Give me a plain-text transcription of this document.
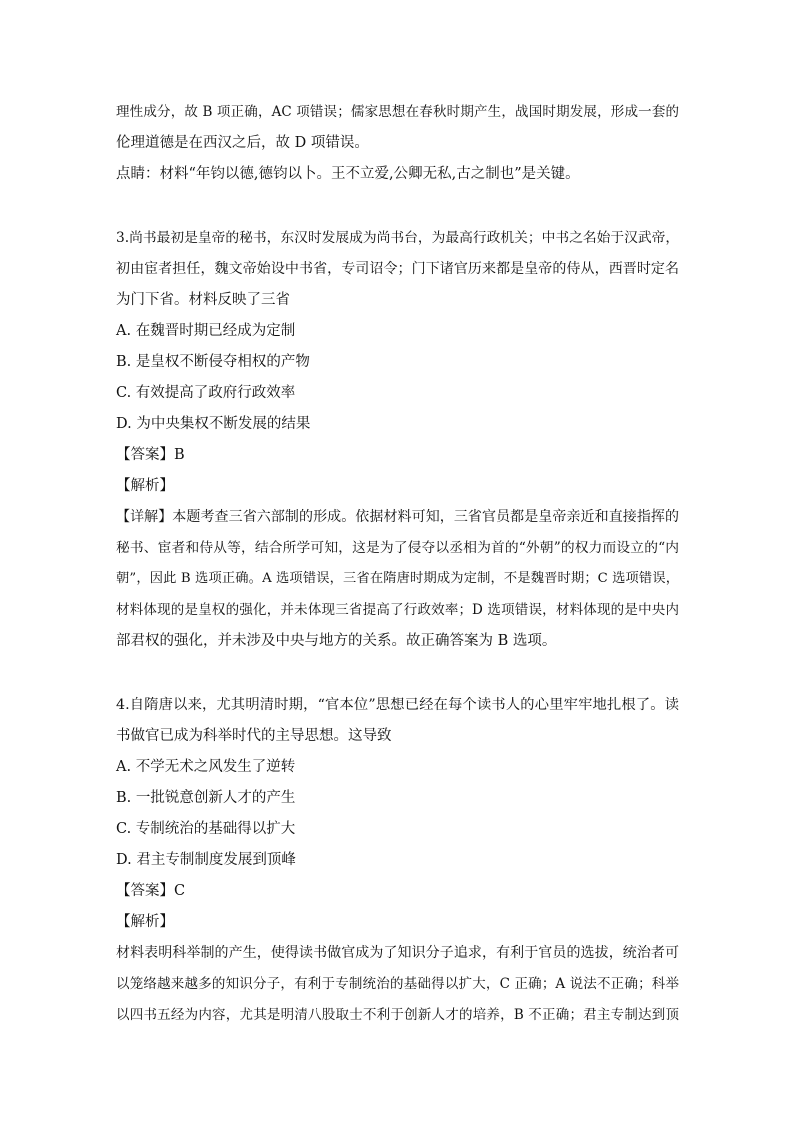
理性成分，故 B 项正确，AC 项错误；儒家思想在春秋时期产生，战国时期发展，形成一套的
伦理道德是在西汉之后，故 D 项错误。
点睛：材料“年钧以德,德钧以卜。王不立爱,公卿无私,古之制也”是关键。
3.尚书最初是皇帝的秘书，东汉时发展成为尚书台，为最高行政机关；中书之名始于汉武帝，
初由宦者担任，魏文帝始设中书省，专司诏令；门下诸官历来都是皇帝的侍从，西晋时定名
为门下省。材料反映了三省
A. 在魏晋时期已经成为定制
B. 是皇权不断侵夺相权的产物
C. 有效提高了政府行政效率
D. 为中央集权不断发展的结果
【答案】B
【解析】
【详解】本题考查三省六部制的形成。依据材料可知，三省官员都是皇帝亲近和直接指挥的
秘书、宦者和侍从等，结合所学可知，这是为了侵夺以丞相为首的“外朝”的权力而设立的“内
朝”，因此 B 选项正确。A 选项错误，三省在隋唐时期成为定制，不是魏晋时期；C 选项错误，
材料体现的是皇权的强化，并未体现三省提高了行政效率；D 选项错误，材料体现的是中央内
部君权的强化，并未涉及中央与地方的关系。故正确答案为 B 选项。
4.自隋唐以来，尤其明清时期，“官本位”思想已经在每个读书人的心里牢牢地扎根了。读
书做官已成为科举时代的主导思想。这导致
A. 不学无术之风发生了逆转
B. 一批锐意创新人才的产生
C. 专制统治的基础得以扩大
D. 君主专制制度发展到顶峰
【答案】C
【解析】
材料表明科举制的产生，使得读书做官成为了知识分子追求，有利于官员的选拔，统治者可
以笼络越来越多的知识分子，有利于专制统治的基础得以扩大，C 正确；A 说法不正确；科举
以四书五经为内容，尤其是明清八股取士不利于创新人才的培养，B 不正确；君主专制达到顶
